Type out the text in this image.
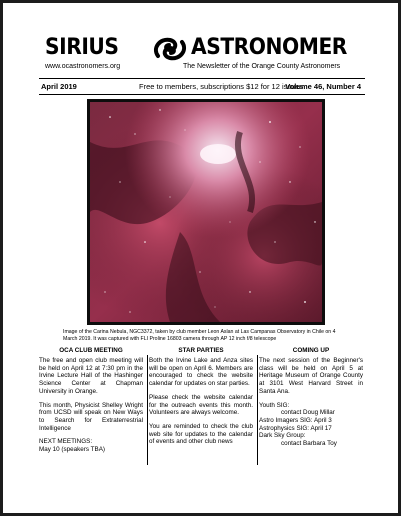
SIRIUS	ASTRONOMER
www.ocastronomers.org	The Newsletter of the Orange County Astronomers
April 2019	Free to members, subscriptions $12 for 12 issues
Volume 46, Number 4
Image of the Carina Nebula, NGC3372, taken by club member Leon Aslan at Las Campanas Observatory in Chile on 4 March 2019. It was captured with FLI Proline 16803 camera through AP 12 inch f/8 telescope
OCA CLUB MEETING

The free and open club meeting will be held on April 12 at 7:30 pm in the Irvine Lecture Hall of the Hashinger Science Center at Chapman University in Orange.

This month, Physicist Shelley Wright from UCSD will speak on New Ways to Search for Extraterrestrial Intelligence

NEXT MEETINGS:
May 10 (speakers TBA)
STAR PARTIES

Both the Irvine Lake and Anza sites will be open on April 6. Members are encouraged to check the website calendar for updates on star parties.

Please check the website calendar for the outreach events this month. Volunteers are always welcome.

You are reminded to check the club web site for updates to the calendar of events and other club news

COMING UP

The next session of the Beginner's class will be held on April 5 at Heritage Museum of Orange County at 3101 West Harvard Street in Santa Ana.

Youth SIG:
contact Doug Millar
Astro Imagers SIG: April 3
Astrophysics SIG: April 17
Dark Sky Group:
contact Barbara Toy
